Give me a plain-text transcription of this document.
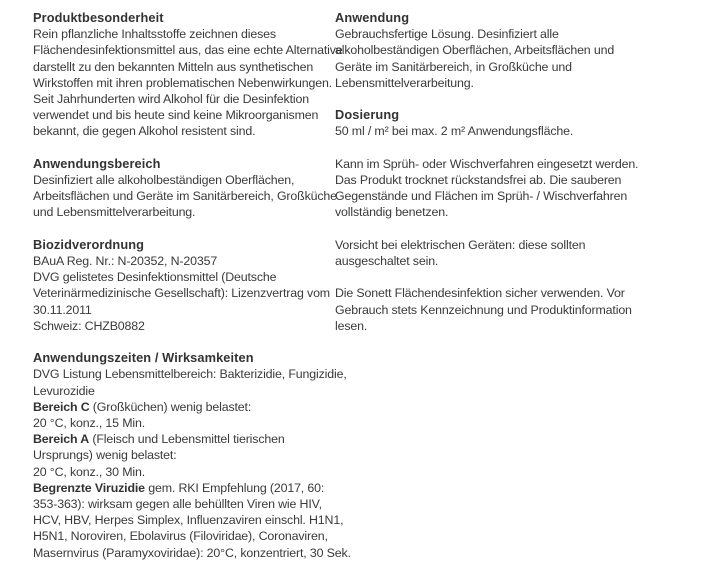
Produktbesonderheit
Rein pflanzliche Inhaltsstoffe zeichnen dieses
Flächendesinfektionsmittel aus, das eine echte Alternative
darstellt zu den bekannten Mitteln aus synthetischen
Wirkstoffen mit ihren problematischen Nebenwirkungen.
Seit Jahrhunderten wird Alkohol für die Desinfektion
verwendet und bis heute sind keine Mikroorganismen
bekannt, die gegen Alkohol resistent sind.
Anwendungsbereich
Desinfiziert alle alkoholbeständigen Oberflächen,
Arbeitsflächen und Geräte im Sanitärbereich, Großküche
und Lebensmittelverarbeitung.
Biozidverordnung
BAuA Reg. Nr.: N-20352, N-20357
DVG gelistetes Desinfektionsmittel (Deutsche
Veterinärmedizinische Gesellschaft): Lizenzvertrag vom
30.11.2011
Schweiz: CHZB0882
Anwendungszeiten / Wirksamkeiten
DVG Listung Lebensmittelbereich: Bakterizidie, Fungizidie,
Levurozidie
Bereich C (Großküchen) wenig belastet:
20 °C, konz., 15 Min.
Bereich A (Fleisch und Lebensmittel tierischen
Ursprungs) wenig belastet:
20 °C, konz., 30 Min.
Begrenzte Viruzidie gem. RKI Empfehlung (2017, 60:
353-363): wirksam gegen alle behüllten Viren wie HIV,
HCV, HBV, Herpes Simplex, Influenzaviren einschl. H1N1,
H5N1, Noroviren, Ebolavirus (Filoviridae), Coronaviren,
Masernvirus (Paramyxoviridae): 20°C, konzentriert, 30 Sek.
Anwendung
Gebrauchsfertige Lösung. Desinfiziert alle
alkoholbeständigen Oberflächen, Arbeitsflächen und
Geräte im Sanitärbereich, in Großküche und
Lebensmittelverarbeitung.
Dosierung
50 ml / m² bei max. 2 m² Anwendungsfläche.
Kann im Sprüh- oder Wischverfahren eingesetzt werden.
Das Produkt trocknet rückstandsfrei ab. Die sauberen
Gegenstände und Flächen im Sprüh- / Wischverfahren
vollständig benetzen.
Vorsicht bei elektrischen Geräten: diese sollten
ausgeschaltet sein.
Die Sonett Flächendesinfektion sicher verwenden. Vor
Gebrauch stets Kennzeichnung und Produktinformation
lesen.
